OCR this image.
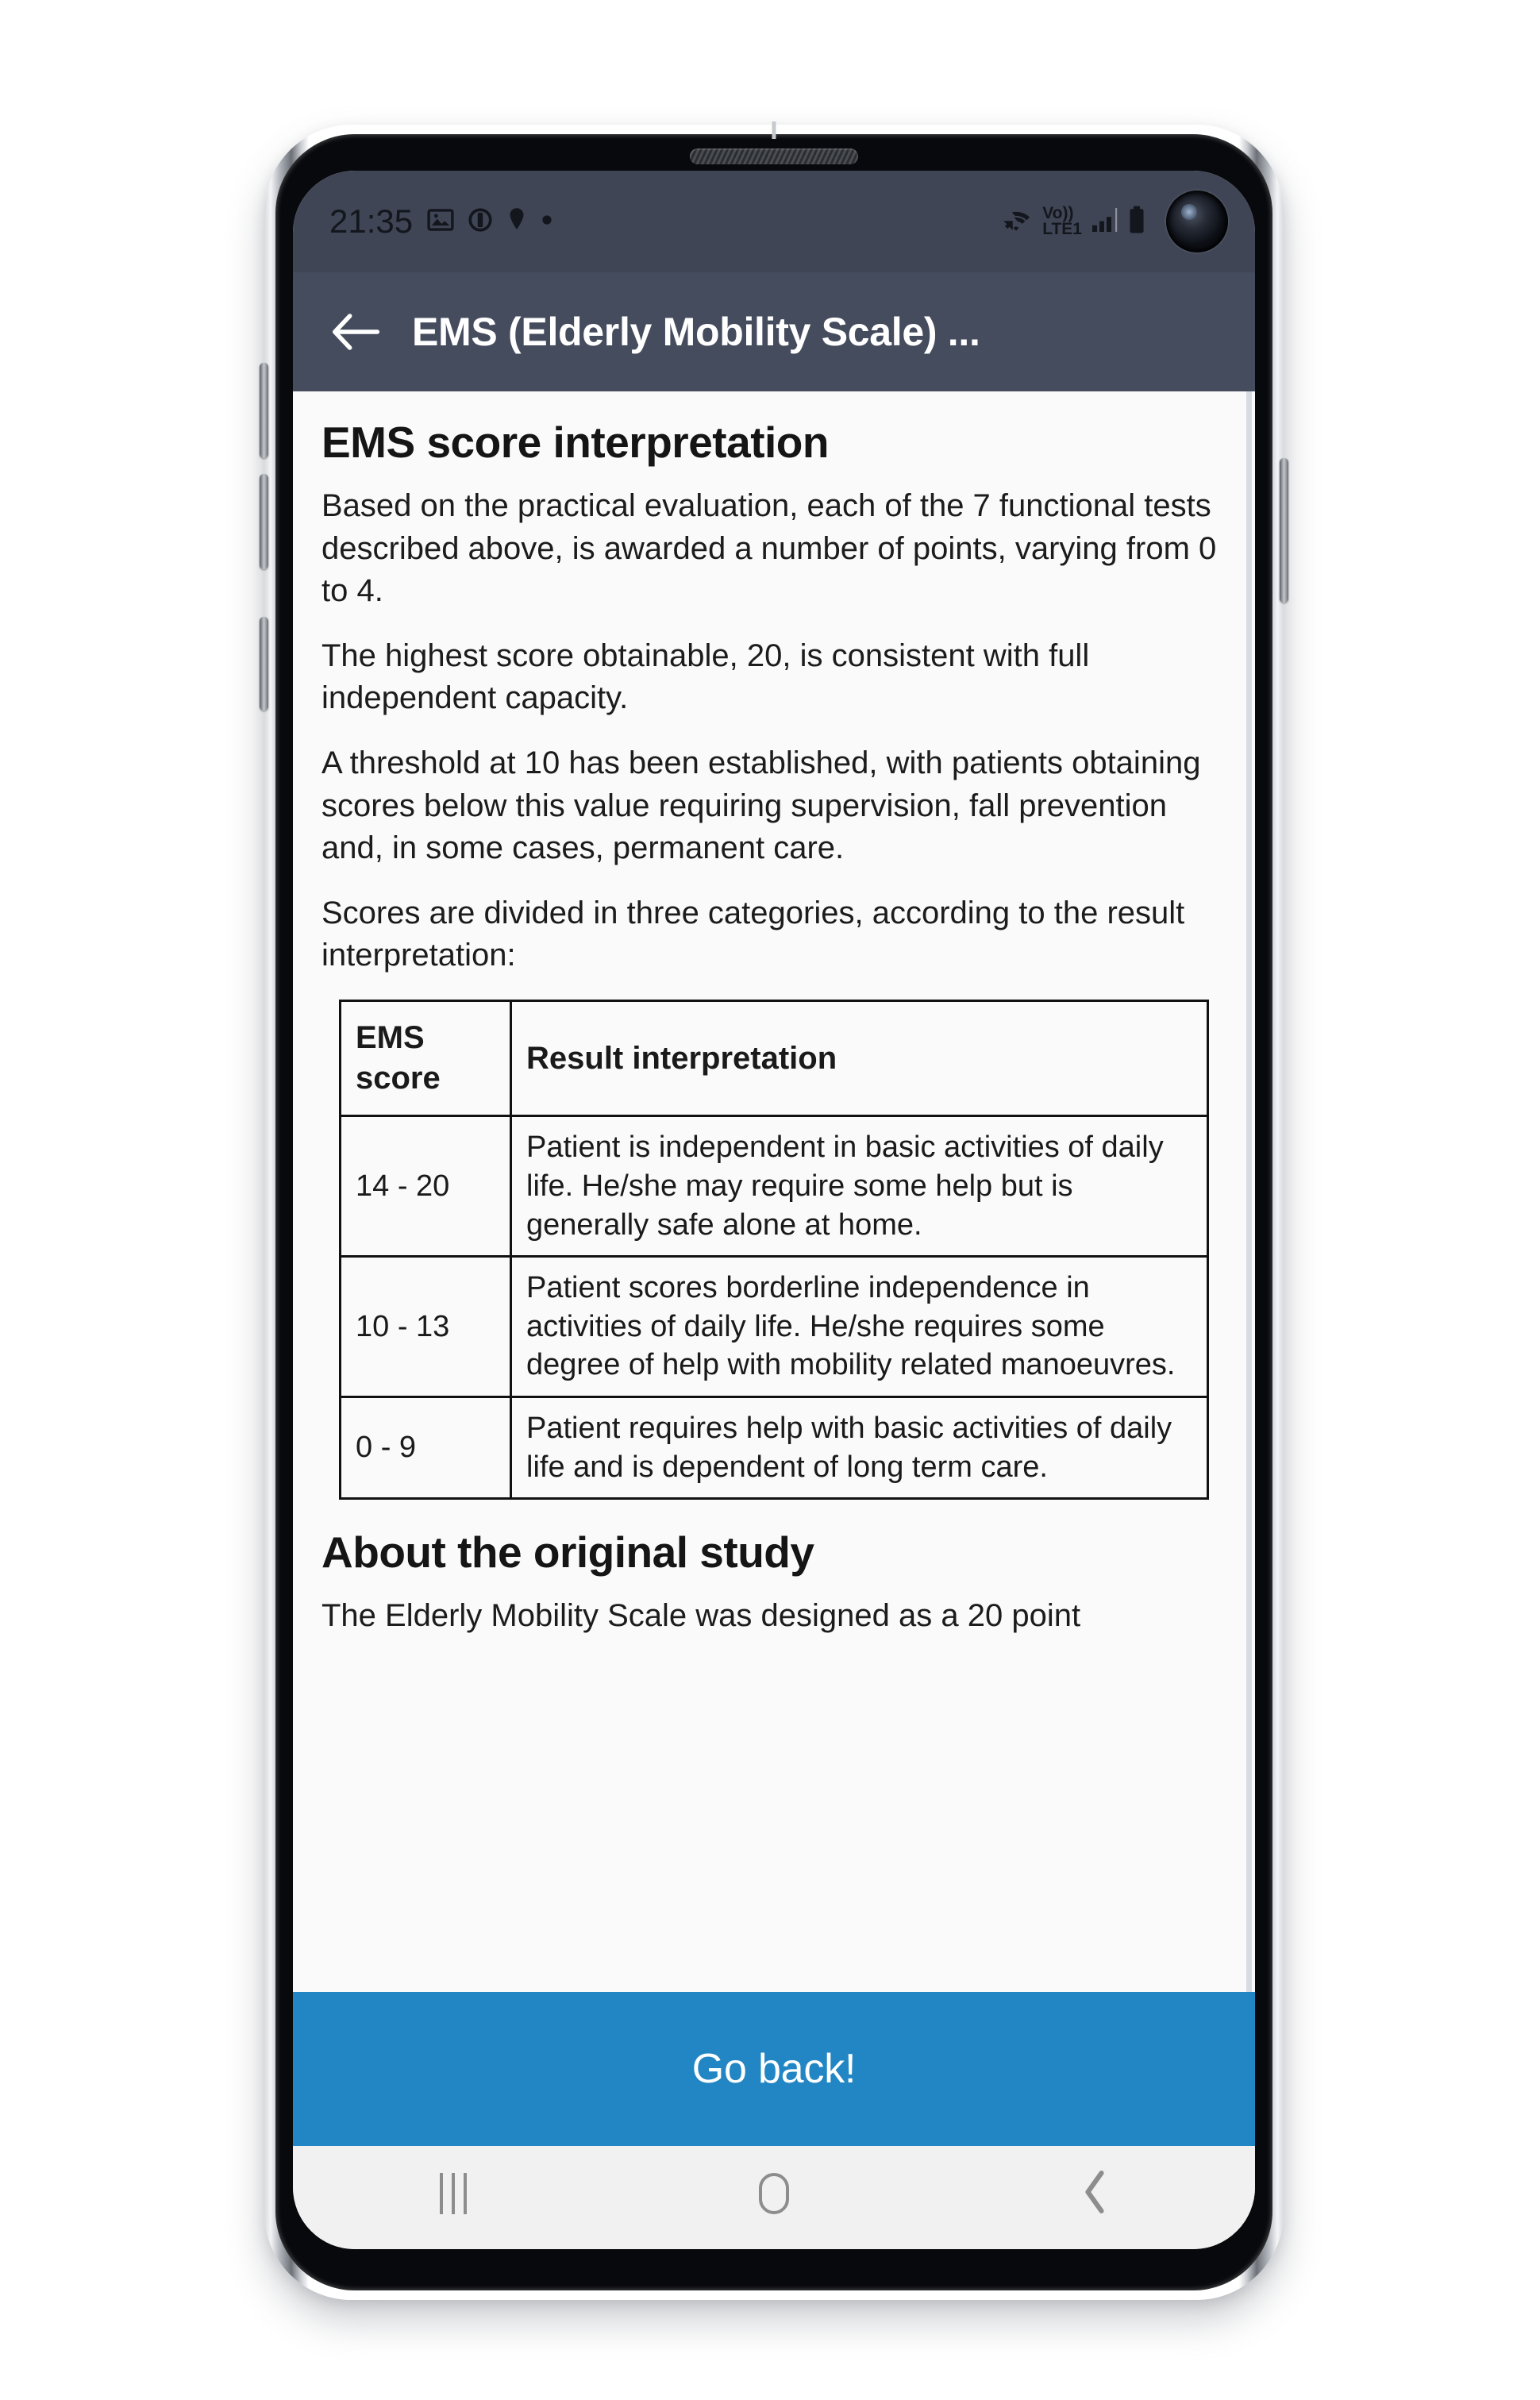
21:35	Vo))
LTE1
EMS (Elderly Mobility Scale) ...
EMS score interpretation

Based on the practical evaluation, each of the 7 functional tests described above, is awarded a number of points, varying from 0 to 4.

The highest score obtainable, 20, is consistent with full independent capacity.

A threshold at 10 has been established, with patients obtaining scores below this value requiring supervision, fall prevention and, in some cases, permanent care.

Scores are divided in three categories, according to the result interpretation:

EMS score	Result interpretation
14 - 20	Patient is independent in basic activities of daily life. He/she may require some help but is generally safe alone at home.
10 - 13	Patient scores borderline independence in activities of daily life. He/she requires some degree of help with mobility related manoeuvres.
0 - 9	Patient requires help with basic activities of daily life and is dependent of long term care.
About the original study

The Elderly Mobility Scale was designed as a 20 point

Go back!
